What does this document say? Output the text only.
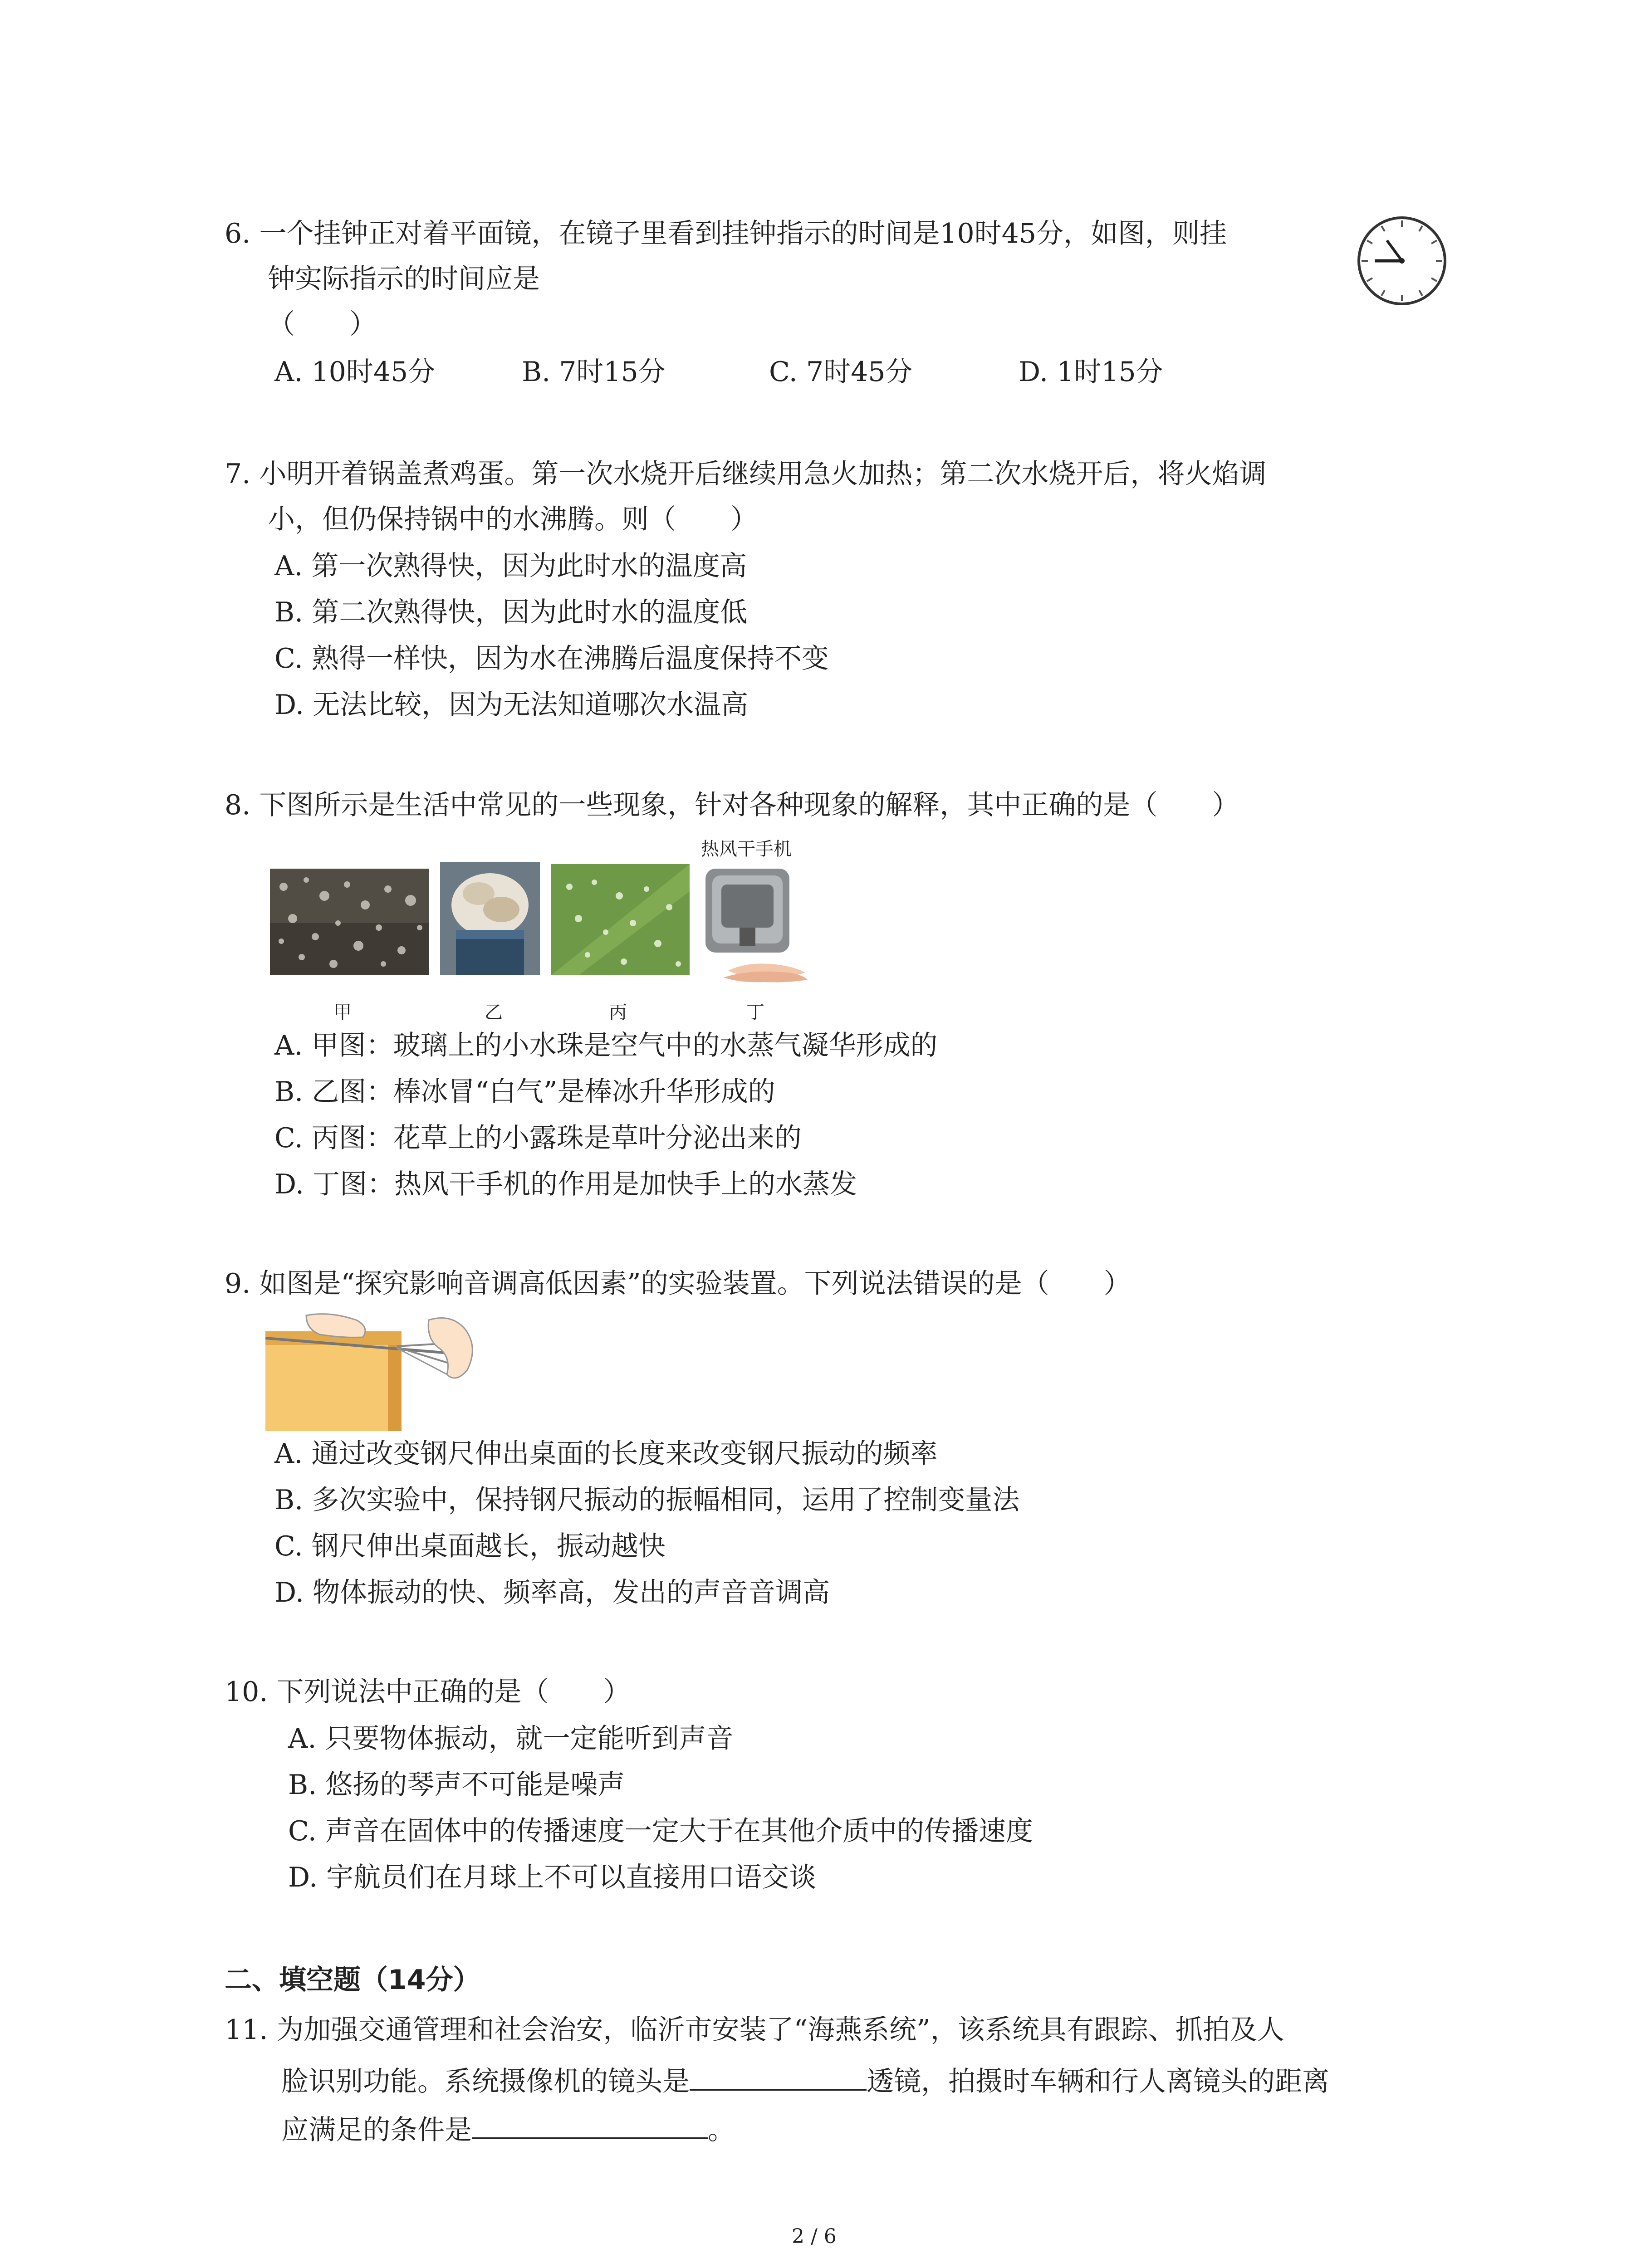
6. 一个挂钟正对着平面镜，在镜子里看到挂钟指示的时间是10时45分，如图，则挂
钟实际指示的时间应是
（　　）
A. 10时45分	B. 7时15分	C. 7时45分	D. 1时15分
7. 小明开着锅盖煮鸡蛋。第一次水烧开后继续用急火加热；第二次水烧开后，将火焰调
小，但仍保持锅中的水沸腾。则（　　）
A. 第一次熟得快，因为此时水的温度高
B. 第二次熟得快，因为此时水的温度低
C. 熟得一样快，因为水在沸腾后温度保持不变
D. 无法比较，因为无法知道哪次水温高
8. 下图所示是生活中常见的一些现象，针对各种现象的解释，其中正确的是（　　）
热风干手机
甲	乙	丙	丁
A. 甲图：玻璃上的小水珠是空气中的水蒸气凝华形成的
B. 乙图：棒冰冒“白气”是棒冰升华形成的
C. 丙图：花草上的小露珠是草叶分泌出来的
D. 丁图：热风干手机的作用是加快手上的水蒸发
9. 如图是“探究影响音调高低因素”的实验装置。下列说法错误的是（　　）
A. 通过改变钢尺伸出桌面的长度来改变钢尺振动的频率
B. 多次实验中，保持钢尺振动的振幅相同，运用了控制变量法
C. 钢尺伸出桌面越长，振动越快
D. 物体振动的快、频率高，发出的声音音调高
10. 下列说法中正确的是（　　）
A. 只要物体振动，就一定能听到声音
B. 悠扬的琴声不可能是噪声
C. 声音在固体中的传播速度一定大于在其他介质中的传播速度
D. 宇航员们在月球上不可以直接用口语交谈
二、填空题（14分）
11. 为加强交通管理和社会治安，临沂市安装了“海燕系统”，该系统具有跟踪、抓拍及人
脸识别功能。系统摄像机的镜头是	透镜，拍摄时车辆和行人离镜头的距离
应满足的条件是	。
2 / 6
